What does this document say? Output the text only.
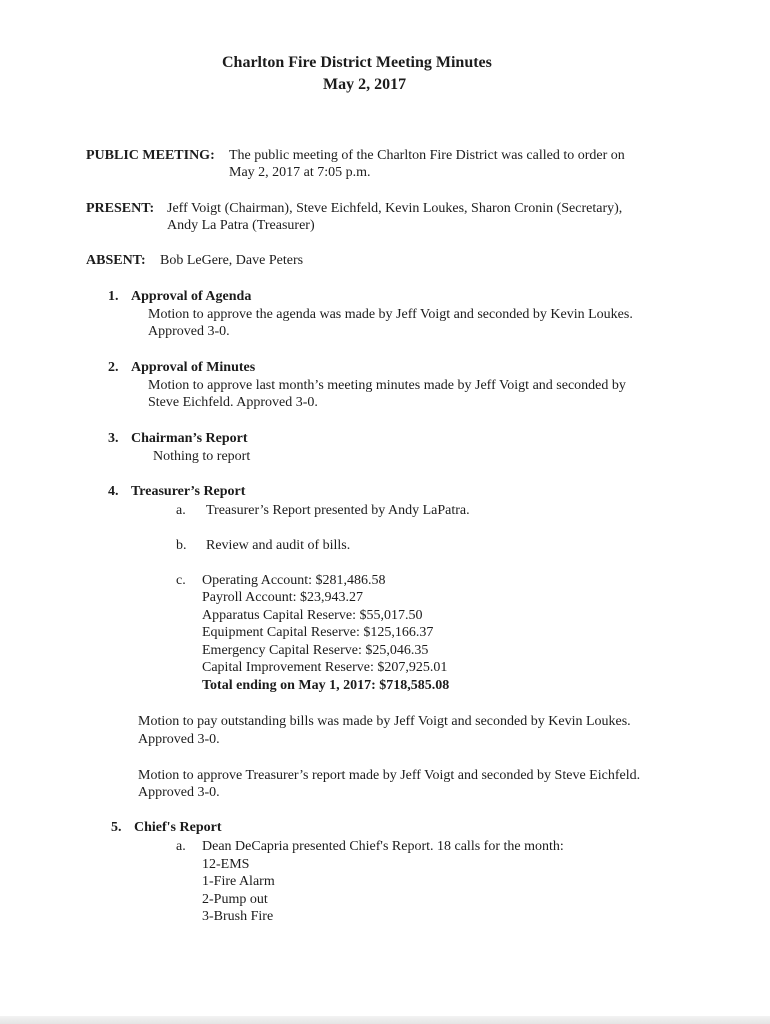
Charlton Fire District Meeting Minutes
May 2, 2017
PUBLIC MEETING: The public meeting of the Charlton Fire District was called to order on
May 2, 2017 at 7:05 p.m.
PRESENT: Jeff Voigt (Chairman), Steve Eichfeld, Kevin Loukes, Sharon Cronin (Secretary),
Andy La Patra (Treasurer)
ABSENT: Bob LeGere, Dave Peters
1. Approval of Agenda
Motion to approve the agenda was made by Jeff Voigt and seconded by Kevin Loukes.
Approved 3-0.
2. Approval of Minutes
Motion to approve last month’s meeting minutes made by Jeff Voigt and seconded by
Steve Eichfeld. Approved 3-0.
3. Chairman’s Report
Nothing to report
4. Treasurer’s Report
a. Treasurer’s Report presented by Andy LaPatra.
b. Review and audit of bills.
c. Operating Account: $281,486.58
Payroll Account: $23,943.27
Apparatus Capital Reserve: $55,017.50
Equipment Capital Reserve: $125,166.37
Emergency Capital Reserve: $25,046.35
Capital Improvement Reserve: $207,925.01
Total ending on May 1, 2017: $718,585.08
Motion to pay outstanding bills was made by Jeff Voigt and seconded by Kevin Loukes.
Approved 3-0.
Motion to approve Treasurer’s report made by Jeff Voigt and seconded by Steve Eichfeld.
Approved 3-0.
5. Chief's Report
a. Dean DeCapria presented Chief's Report. 18 calls for the month:
12-EMS
1-Fire Alarm
2-Pump out
3-Brush Fire
